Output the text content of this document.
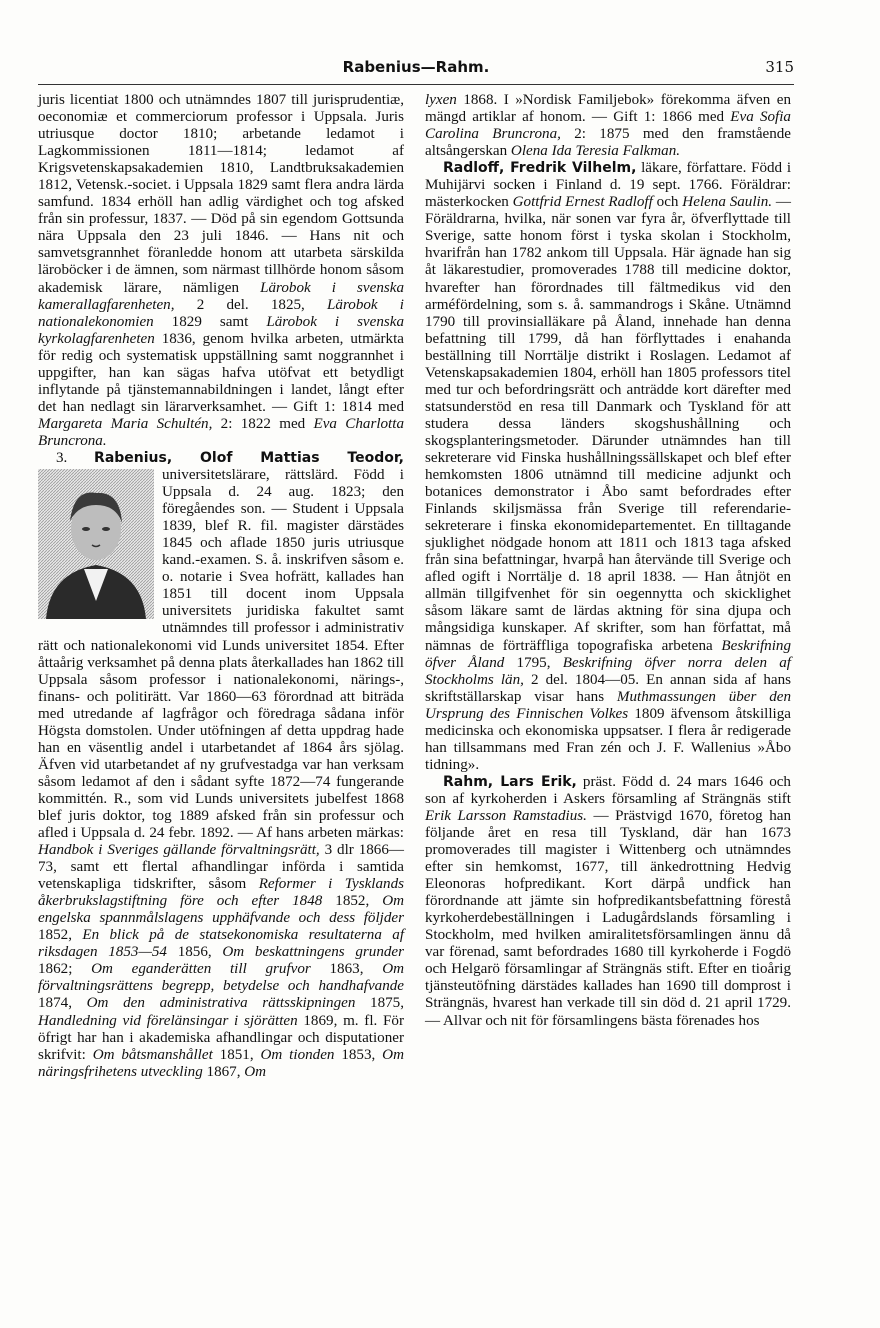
Rabenius—Rahm.	315

juris licentiat 1800 och utnämndes 1807 till jurisprudentiæ, oeconomiæ et commerciorum professor i Uppsala. Juris utriusque doctor 1810; arbetande ledamot i Lagkommissionen 1811—1814; ledamot af Krigsvetenskapsakademien 1810, Landtbruksakademien 1812, Vetensk.-societ. i Uppsala 1829 samt flera andra lärda samfund. 1834 erhöll han adlig värdighet och tog afsked från sin professur, 1837. — Död på sin egendom Gottsunda nära Uppsala den 23 juli 1846. — Hans nit och samvetsgrannhet föranledde honom att utarbeta särskilda läroböcker i de ämnen, som närmast tillhörde honom såsom akademisk lärare, nämligen Lärobok i svenska kamerallagfarenheten, 2 del. 1825, Lärobok i nationalekonomien 1829 samt Lärobok i svenska kyrkolagfarenheten 1836, genom hvilka arbeten, utmärkta för redig och systematisk uppställning samt noggrannhet i uppgifter, han kan sägas hafva utöfvat ett betydligt inflytande på tjänstemannabildningen i landet, långt efter det han nedlagt sin lärarverksamhet. — Gift 1: 1814 med Margareta Maria Schultén, 2: 1822 med Eva Charlotta Bruncrona.

3. Rabenius, Olof Mattias Teodor,
universitetslärare, rättslärd. Född i Uppsala d. 24 aug. 1823; den föregåendes son. — Student i Uppsala 1839, blef R. fil. magister därstädes 1845 och aflade 1850 juris utriusque kand.-examen. S. å. inskrifven såsom e. o. notarie i Svea hofrätt, kallades han 1851 till docent inom Uppsala universitets juridiska fakultet samt utnämndes till professor i administrativ rätt och nationalekonomi vid Lunds universitet 1854. Efter åttaårig verksamhet på denna plats återkallades han 1862 till Uppsala såsom professor i nationalekonomi, närings-, finans- och politirätt. Var 1860—63 förordnad att biträda med utredande af lagfrågor och föredraga sådana inför Högsta domstolen. Under utöfningen af detta uppdrag hade han en väsentlig andel i utarbetandet af 1864 års sjölag. Äfven vid utarbetandet af ny grufvestadga var han verksam såsom ledamot af den i sådant syfte 1872—74 fungerande kommittén. R., som vid Lunds universitets jubelfest 1868 blef juris doktor, tog 1889 afsked från sin professur och afled i Uppsala d. 24 febr. 1892. — Af hans arbeten märkas: Handbok i Sveriges gällande förvaltningsrätt, 3 dlr 1866—73, samt ett flertal afhandlingar införda i samtida vetenskapliga tidskrifter, såsom Reformer i Tysklands åkerbrukslagstiftning före och efter 1848 1852, Om engelska spannmålslagens upphäfvande och dess följder 1852, En blick på de statsekonomiska resultaterna af riksdagen 1853—54 1856, Om beskattningens grunder 1862; Om eganderätten till grufvor 1863, Om förvaltningsrättens begrepp, betydelse och handhafvande 1874, Om den administrativa rättsskipningen 1875, Handledning vid förelänsingar i sjörätten 1869, m. fl. För öfrigt har han i akademiska afhandlingar och disputationer skrifvit: Om båtsmanshållet 1851, Om tionden 1853, Om näringsfrihetens utveckling 1867, Om

lyxen 1868. I »Nordisk Familjebok» förekomma äfven en mängd artiklar af honom. — Gift 1: 1866 med Eva Sofia Carolina Bruncrona, 2: 1875 med den framstående altsångerskan Olena Ida Teresia Falkman.

Radloff, Fredrik Vilhelm, läkare, författare. Född i Muhijärvi socken i Finland d. 19 sept. 1766. Föräldrar: mästerkocken Gottfrid Ernest Radloff och Helena Saulin. — Föräldrarna, hvilka, när sonen var fyra år, öfverflyttade till Sverige, satte honom först i tyska skolan i Stockholm, hvarifrån han 1782 ankom till Uppsala. Här ägnade han sig åt läkarestudier, promoverades 1788 till medicine doktor, hvarefter han förordnades till fältmedikus vid den arméfördelning, som s. å. sammandrogs i Skåne. Utnämnd 1790 till provinsialläkare på Åland, innehade han denna befattning till 1799, då han förflyttades i enahanda beställning till Norrtälje distrikt i Roslagen. Ledamot af Vetenskapsakademien 1804, erhöll han 1805 professors titel med tur och befordringsrätt och anträdde kort därefter med statsunderstöd en resa till Danmark och Tyskland för att studera dessa länders skogshushållning och skogsplanteringsmetoder. Därunder utnämndes han till sekreterare vid Finska hushållningssällskapet och blef efter hemkomsten 1806 utnämnd till medicine adjunkt och botanices demonstrator i Åbo samt befordrades efter Finlands skiljsmässa från Sverige till referendarie-sekreterare i finska ekonomidepartementet. En tilltagande sjuklighet nödgade honom att 1811 och 1813 taga afsked från sina befattningar, hvarpå han återvände till Sverige och afled ogift i Norrtälje d. 18 april 1838. — Han åtnjöt en allmän tillgifvenhet för sin oegennytta och skicklighet såsom läkare samt de lärdas aktning för sina djupa och mångsidiga kunskaper. Af skrifter, som han författat, må nämnas de förträffliga topografiska arbetena Beskrifning öfver Åland 1795, Beskrifning öfver norra delen af Stockholms län, 2 del. 1804—05. En annan sida af hans skriftställarskap visar hans Muthmassungen über den Ursprung des Finnischen Volkes 1809 äfvensom åtskilliga medicinska och ekonomiska uppsatser. I flera år redigerade han tillsammans med Fran zén och J. F. Wallenius »Åbo tidning».

Rahm, Lars Erik, präst. Född d. 24 mars 1646 och son af kyrkoherden i Askers församling af Strängnäs stift Erik Larsson Ramstadius. — Prästvigd 1670, företog han följande året en resa till Tyskland, där han 1673 promoverades till magister i Wittenberg och utnämndes efter sin hemkomst, 1677, till änkedrottning Hedvig Eleonoras hofpredikant. Kort därpå undfick han förordnande att jämte sin hofpredikantsbefattning förestå kyrkoherdebeställningen i Ladugårdslands församling i Stockholm, med hvilken amiralitetsförsamlingen ännu då var förenad, samt befordrades 1680 till kyrkoherde i Fogdö och Helgarö församlingar af Strängnäs stift. Efter en tioårig tjänsteutöfning därstädes kallades han 1690 till domprost i Strängnäs, hvarest han verkade till sin död d. 21 april 1729. — Allvar och nit för församlingens bästa förenades hos
